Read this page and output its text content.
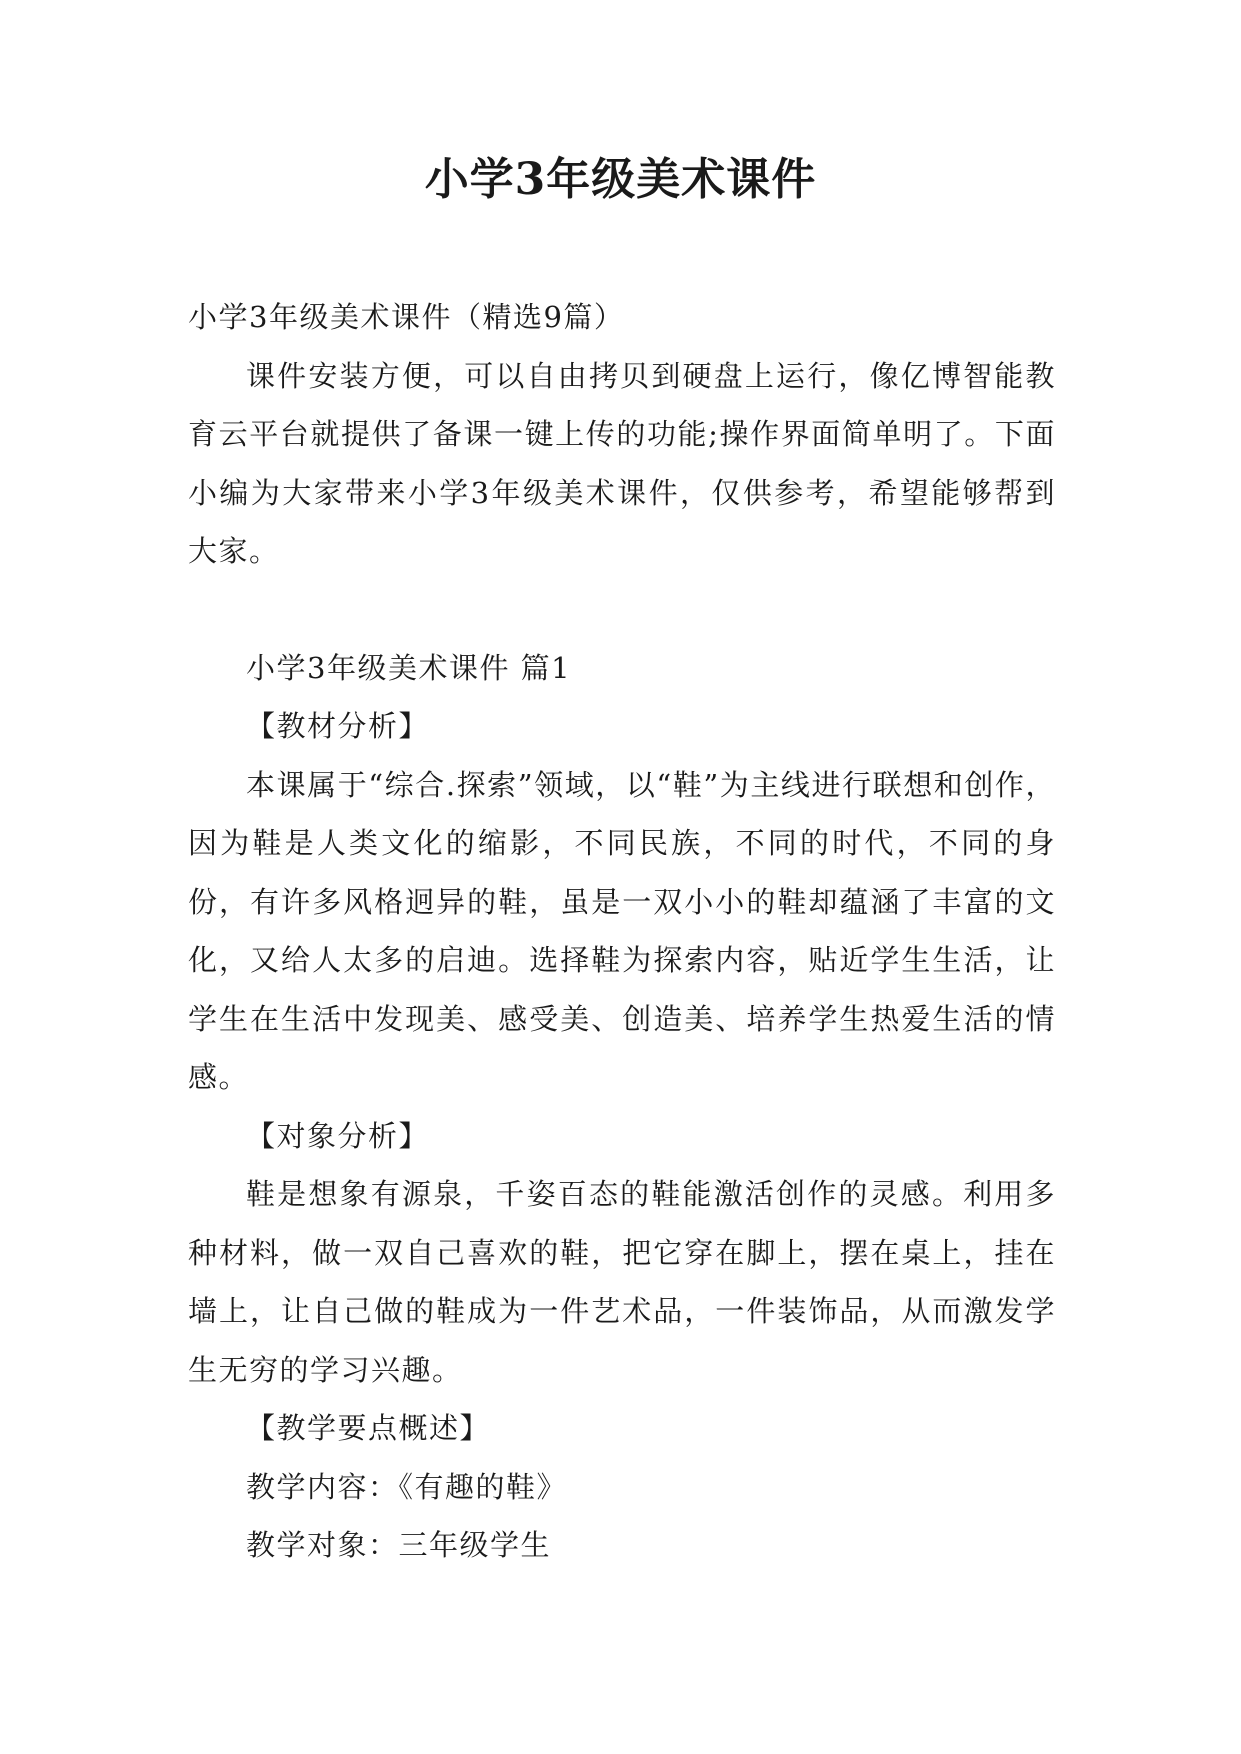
小学3年级美术课件

小学3年级美术课件（精选9篇）

课件安装方便，可以自由拷贝到硬盘上运行，像亿博智能教育云平台就提供了备课一键上传的功能;操作界面简单明了。下面小编为大家带来小学3年级美术课件，仅供参考，希望能够帮到大家。

小学3年级美术课件 篇1

【教材分析】

本课属于“综合.探索”领域，以“鞋”为主线进行联想和创作，因为鞋是人类文化的缩影，不同民族，不同的时代，不同的身份，有许多风格迥异的鞋，虽是一双小小的鞋却蕴涵了丰富的文化，又给人太多的启迪。选择鞋为探索内容，贴近学生生活，让学生在生活中发现美、感受美、创造美、培养学生热爱生活的情感。

【对象分析】

鞋是想象有源泉，千姿百态的鞋能激活创作的灵感。利用多种材料，做一双自己喜欢的鞋，把它穿在脚上，摆在桌上，挂在墙上，让自己做的鞋成为一件艺术品，一件装饰品，从而激发学生无穷的学习兴趣。

【教学要点概述】

教学内容：《有趣的鞋》

教学对象：三年级学生
